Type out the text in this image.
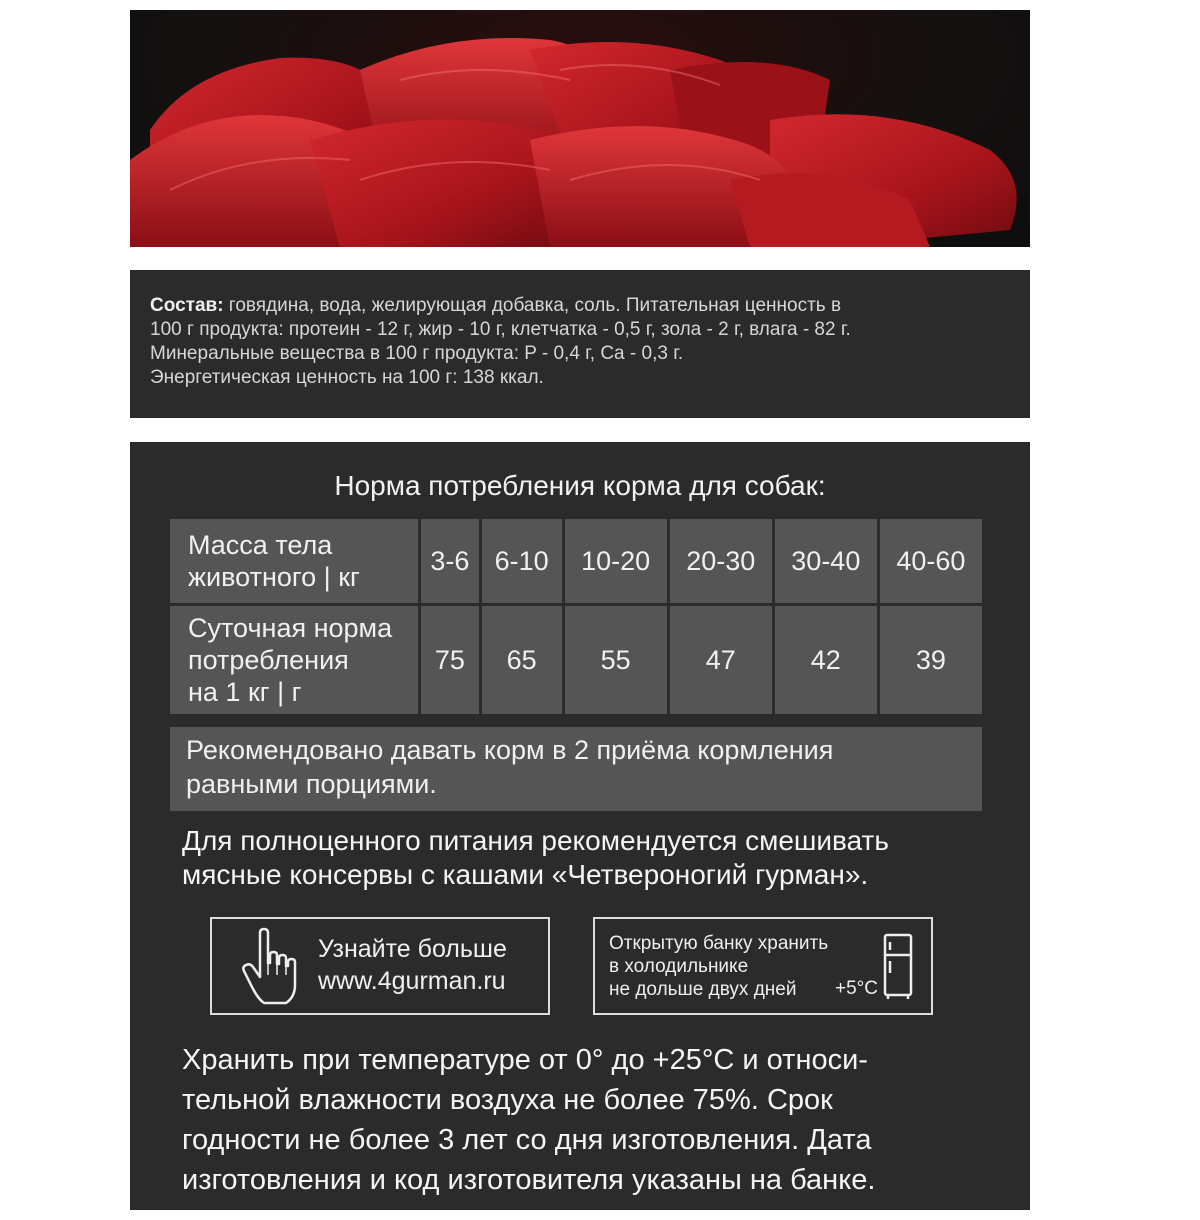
Состав: говядина, вода, желирующая добавка, соль. Питательная ценность в
100 г продукта: протеин - 12 г, жир - 10 г, клетчатка - 0,5 г, зола - 2 г, влага - 82 г.
Минеральные вещества в 100 г продукта: P - 0,4 г, Ca - 0,3 г.
Энергетическая ценность на 100 г: 138 ккал.
Норма потребления корма для собак:
Масса тела
животного | кг	3-6	6-10	10-20	20-30	30-40	40-60

Суточная норма
потребления
на 1 кг | г	75	65	55	47	42	39
Рекомендовано давать корм в 2 приёма кормления
равными порциями.
Для полноценного питания рекомендуется смешивать
мясные консервы с кашами «Четвероногий гурман».
Узнайте больше
www.4gurman.ru
Открытую банку хранить
в холодильнике
не дольше двух дней	+5°C
Хранить при температуре от 0° до +25°С и относи-
тельной влажности воздуха не более 75%. Срок
годности не более 3 лет со дня изготовления. Дата
изготовления и код изготовителя указаны на банке.
